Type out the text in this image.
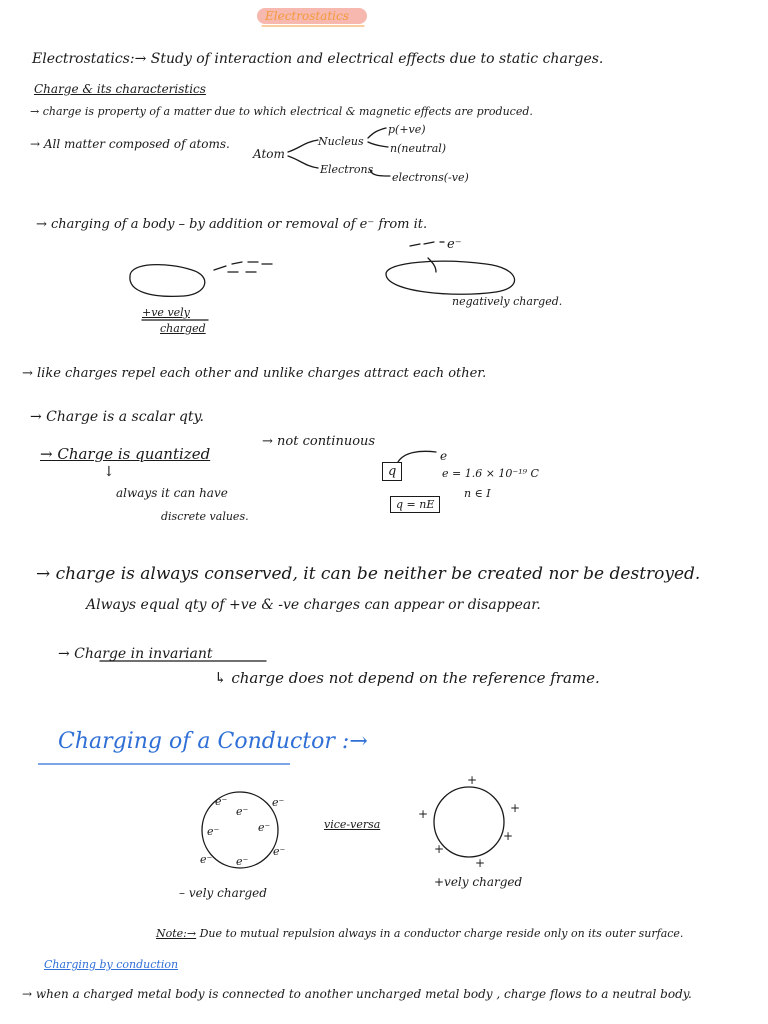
Electrostatics
Electrostatics:→ Study of interaction and electrical effects due to static charges.
Charge & its characteristics
→ charge is property of a matter due to which electrical & magnetic effects are produced.
→ All matter composed of atoms.
Atom
Nucleus
p(+ve)
n(neutral)
Electrons
electrons(-ve)
→ charging of a body – by addition or removal of e⁻ from it.
+ve vely
charged
negatively charged.
e⁻
→ like charges repel each other and unlike charges attract each other.
→ Charge is a scalar qty.
→ Charge is quantized
→ not continuous
↓
always it can have
discrete values.
q
e
e = 1.6 × 10⁻¹⁹ C
n ∈ I
q = nE
→ charge is always conserved, it can be neither be created nor be destroyed.
Always equal qty of +ve & -ve charges can appear or disappear.
→ Charge in invariant
↳ charge does not depend on the reference frame.
Charging of a Conductor :→
vice-versa
– vely charged
+vely charged
e⁻
e⁻
e⁻
e⁻	e⁻
e⁻
e⁻
e⁻
+
+	+
+
+
+
Note:→ Due to mutual repulsion always in a conductor charge reside only on its outer surface.
Charging by conduction
→ when a charged metal body is connected to another uncharged metal body , charge flows to a neutral body.
